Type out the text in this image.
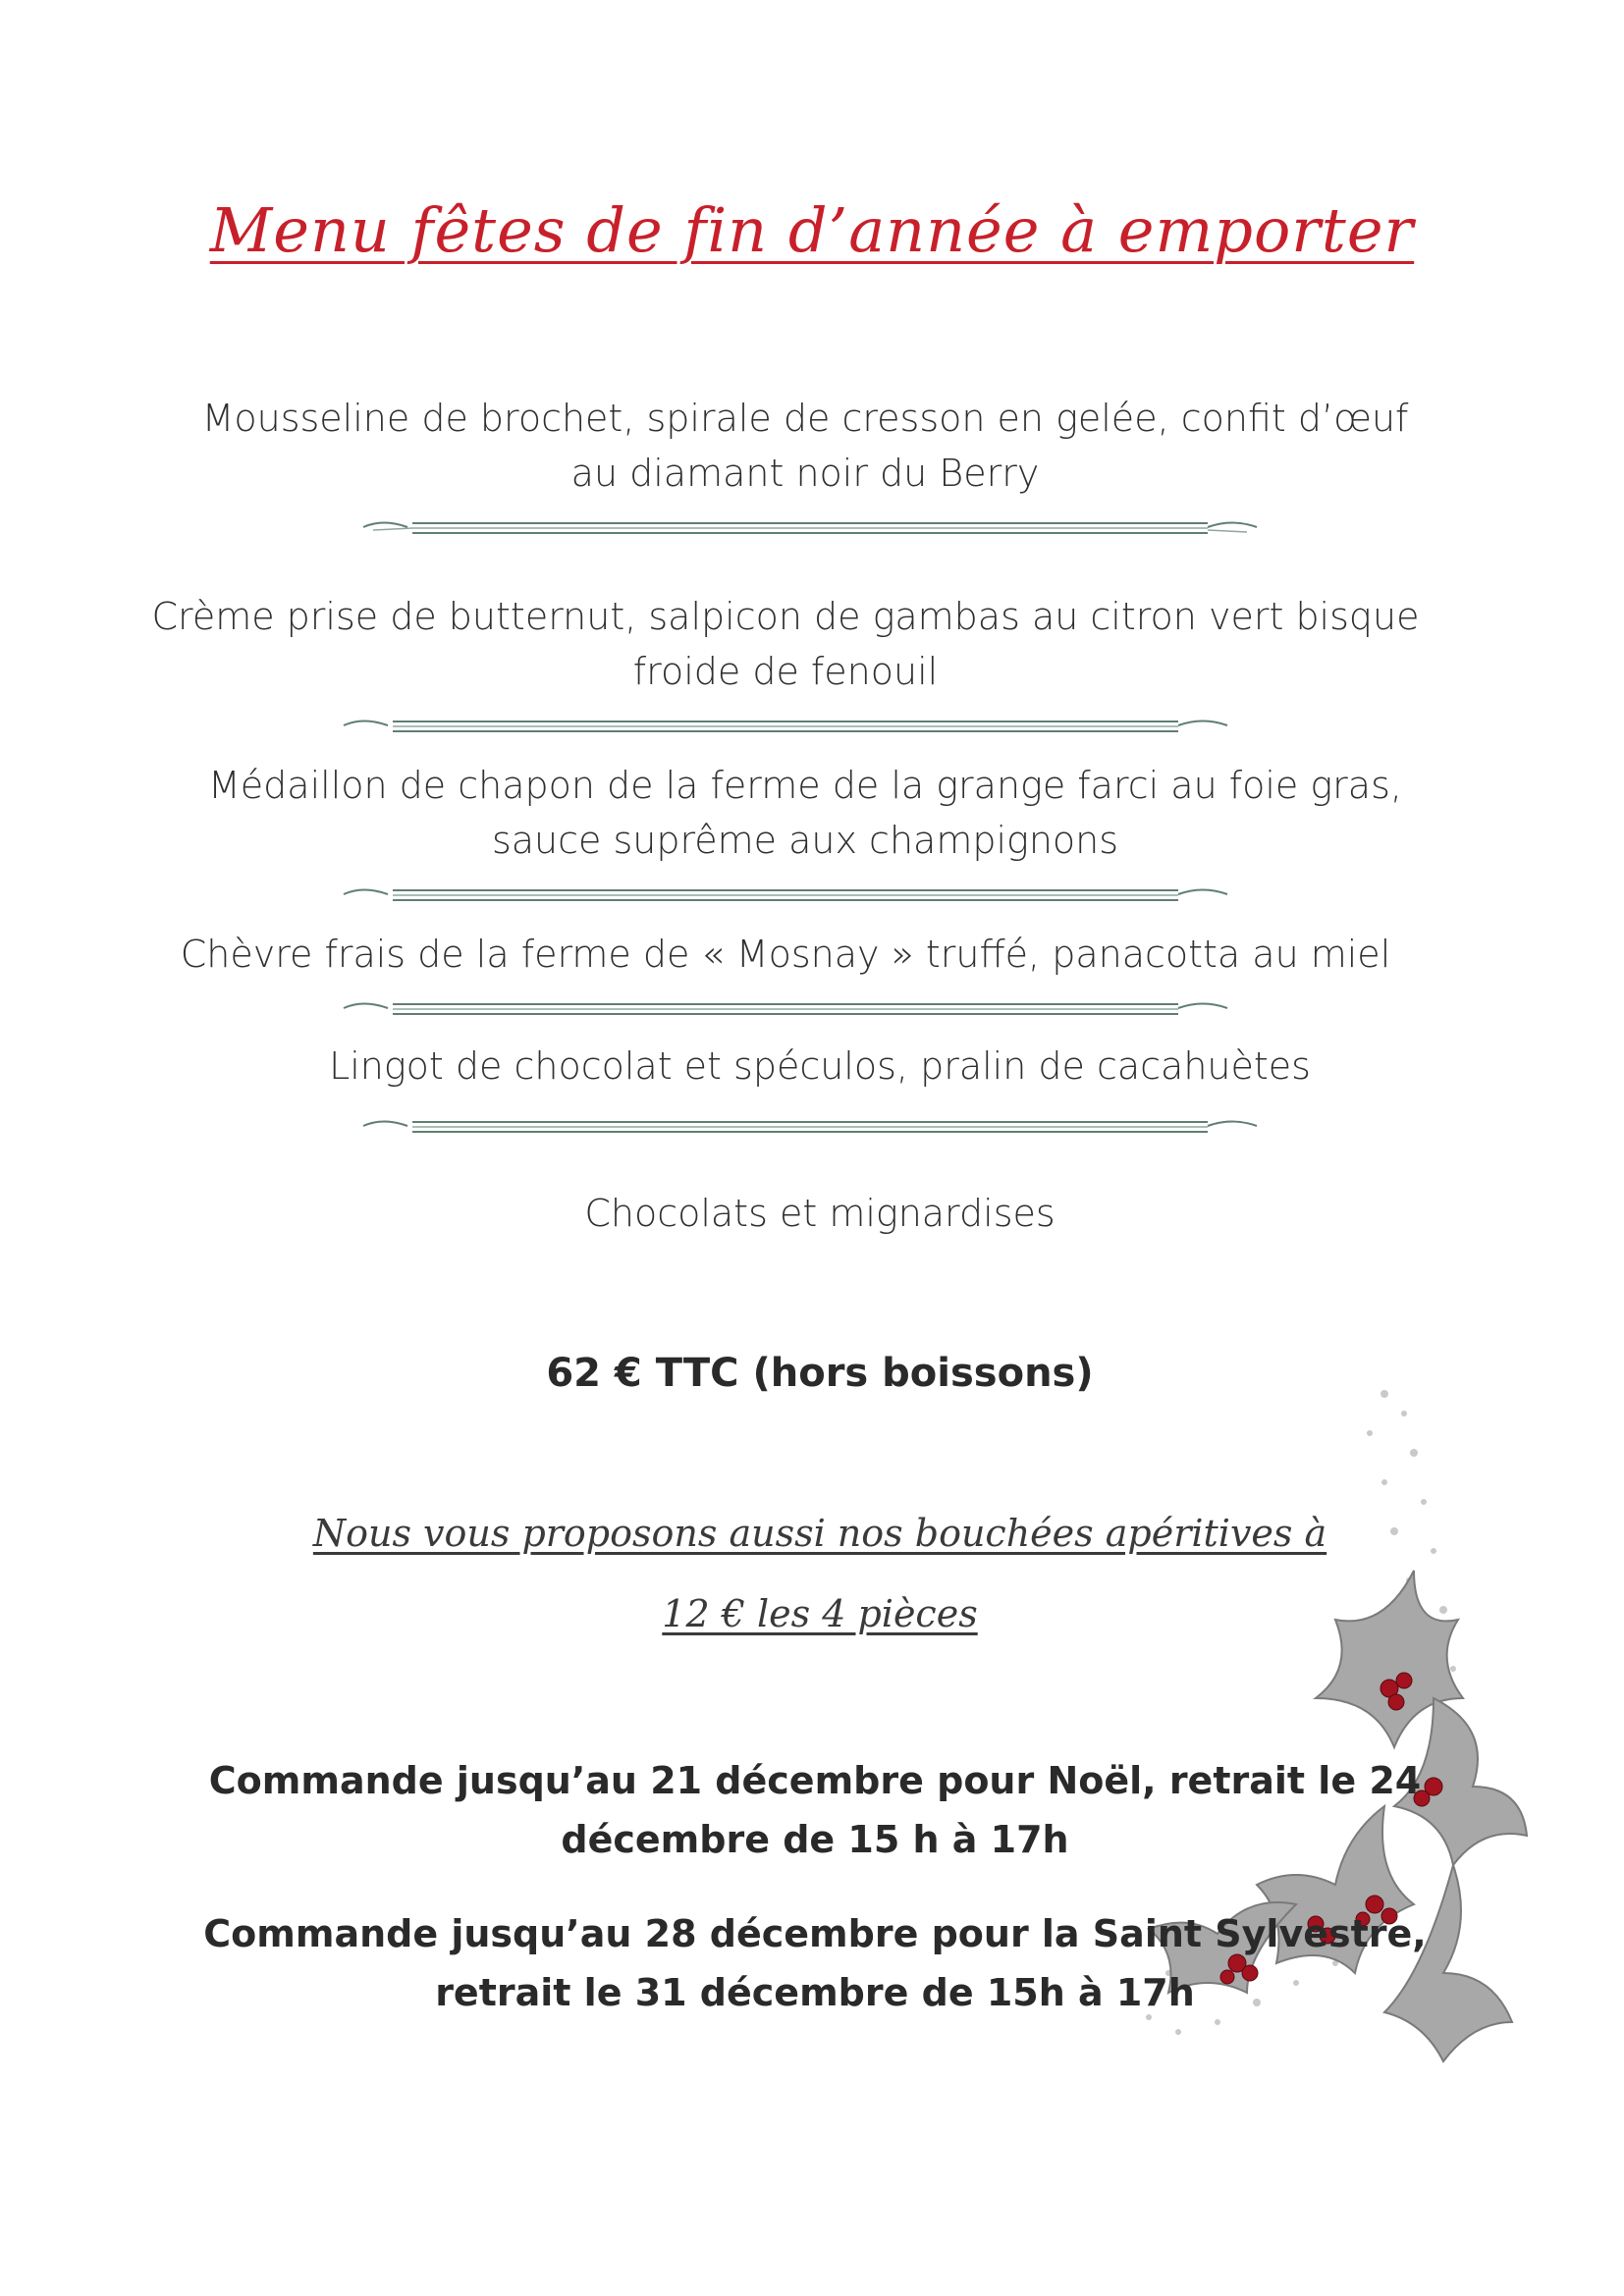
Menu fêtes de fin d’année à emporter
Mousseline de brochet, spirale de cresson en gelée, confit d’œuf au diamant noir du Berry
Crème prise de butternut, salpicon de gambas au citron vert bisque froide de fenouil
Médaillon de chapon de la ferme de la grange farci au foie gras, sauce suprême aux champignons
Chèvre frais de la ferme de « Mosnay » truffé, panacotta au miel
Lingot de chocolat et spéculos, pralin de cacahuètes
Chocolats et mignardises
62 € TTC (hors boissons)
Nous vous proposons aussi nos bouchées apéritives à
12 € les 4 pièces
Commande jusqu’au 21 décembre pour Noël, retrait le 24 décembre de 15 h à 17h
Commande jusqu’au 28 décembre pour la Saint Sylvestre, retrait le 31 décembre de 15h à 17h
